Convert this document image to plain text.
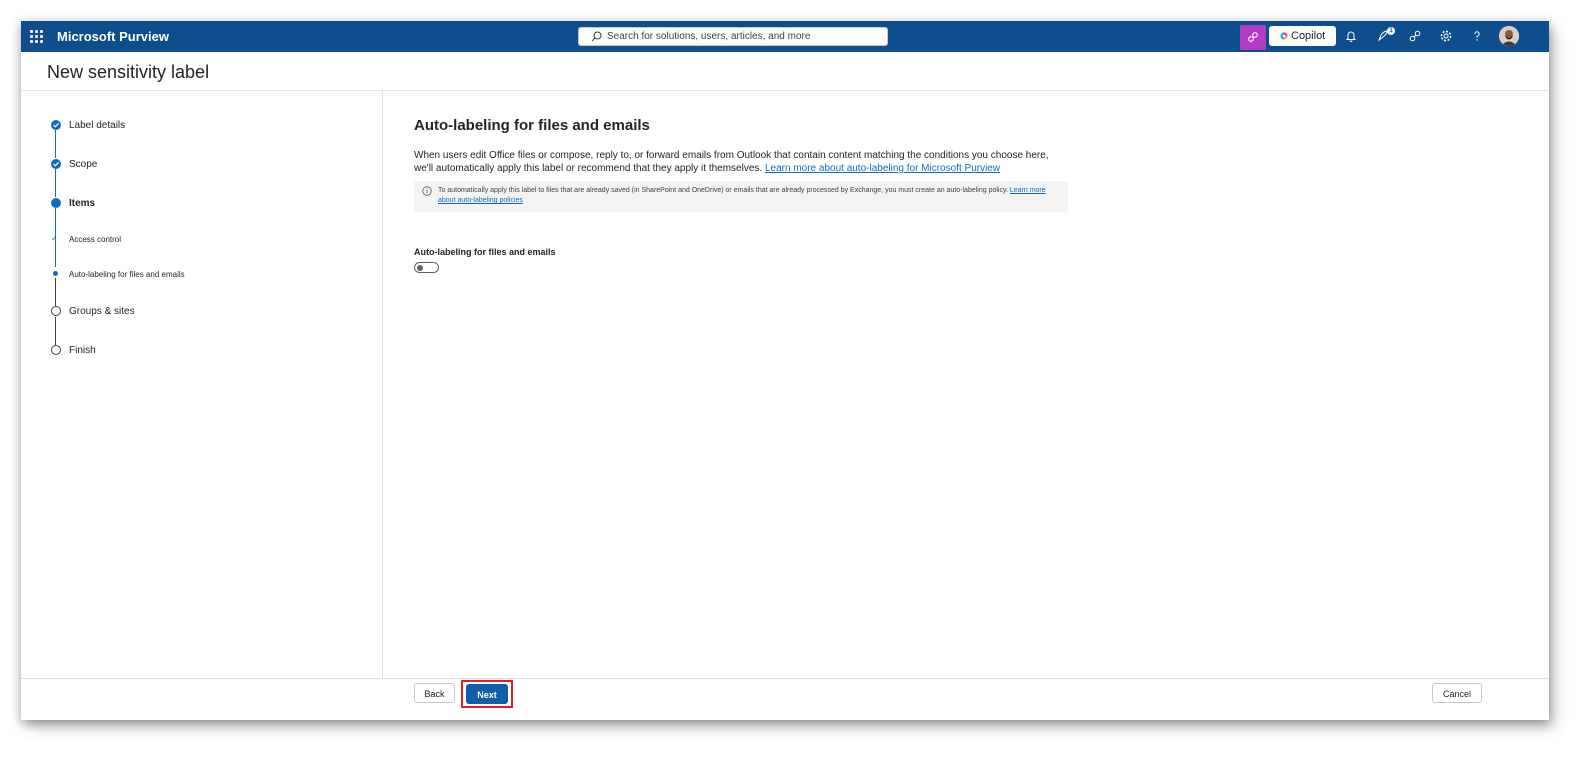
Microsoft Purview
Search for solutions, users, articles, and more	Copilot	1
New sensitivity label
Label details
Scope
Items
✓ Access control
Auto-labeling for files and emails
Groups & sites
Finish
Auto-labeling for files and emails
When users edit Office files or compose, reply to, or forward emails from Outlook that contain content matching the conditions you choose here, we'll automatically apply this label or recommend that they apply it themselves. Learn more about auto-labeling for Microsoft Purview
To automatically apply this label to files that are already saved (in SharePoint and OneDrive) or emails that are already processed by Exchange, you must create an auto-labeling policy. Learn more about auto-labeling policies
Auto-labeling for files and emails
Back	Next	Cancel
